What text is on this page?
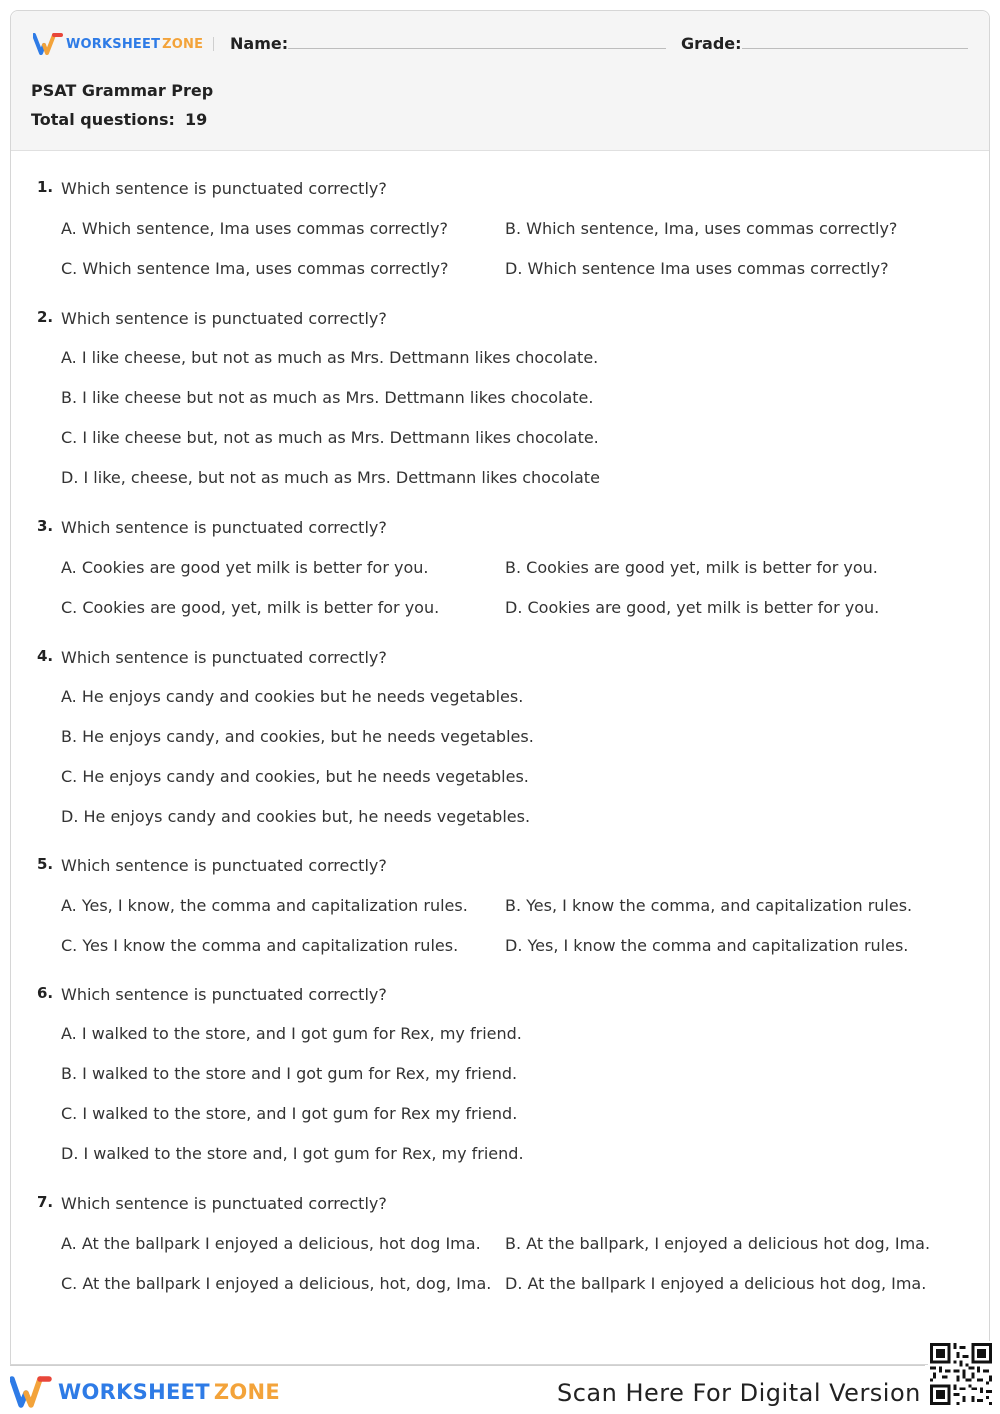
WORKSHEET ZONE Name:	Grade:
PSAT Grammar Prep
Total questions: 19
1. Which sentence is punctuated correctly?
A. Which sentence, Ima uses commas correctly?	B. Which sentence, Ima, uses commas correctly?
C. Which sentence Ima, uses commas correctly?	D. Which sentence Ima uses commas correctly?
2. Which sentence is punctuated correctly?
A. I like cheese, but not as much as Mrs. Dettmann likes chocolate.
B. I like cheese but not as much as Mrs. Dettmann likes chocolate.
C. I like cheese but, not as much as Mrs. Dettmann likes chocolate.
D. I like, cheese, but not as much as Mrs. Dettmann likes chocolate
3. Which sentence is punctuated correctly?
A. Cookies are good yet milk is better for you.	B. Cookies are good yet, milk is better for you.
C. Cookies are good, yet, milk is better for you.	D. Cookies are good, yet milk is better for you.
4. Which sentence is punctuated correctly?
A. He enjoys candy and cookies but he needs vegetables.
B. He enjoys candy, and cookies, but he needs vegetables.
C. He enjoys candy and cookies, but he needs vegetables.
D. He enjoys candy and cookies but, he needs vegetables.
5. Which sentence is punctuated correctly?
A. Yes, I know, the comma and capitalization rules. B. Yes, I know the comma, and capitalization rules.
C. Yes I know the comma and capitalization rules.	D. Yes, I know the comma and capitalization rules.
6. Which sentence is punctuated correctly?
A. I walked to the store, and I got gum for Rex, my friend.
B. I walked to the store and I got gum for Rex, my friend.
C. I walked to the store, and I got gum for Rex my friend.
D. I walked to the store and, I got gum for Rex, my friend.
7. Which sentence is punctuated correctly?
A. At the ballpark I enjoyed a delicious, hot dog Ima. B. At the ballpark, I enjoyed a delicious hot dog, Ima.
C. At the ballpark I enjoyed a delicious, hot, dog, Ima. D. At the ballpark I enjoyed a delicious hot dog, Ima.
WORKSHEET ZONE	Scan Here For Digital Version
